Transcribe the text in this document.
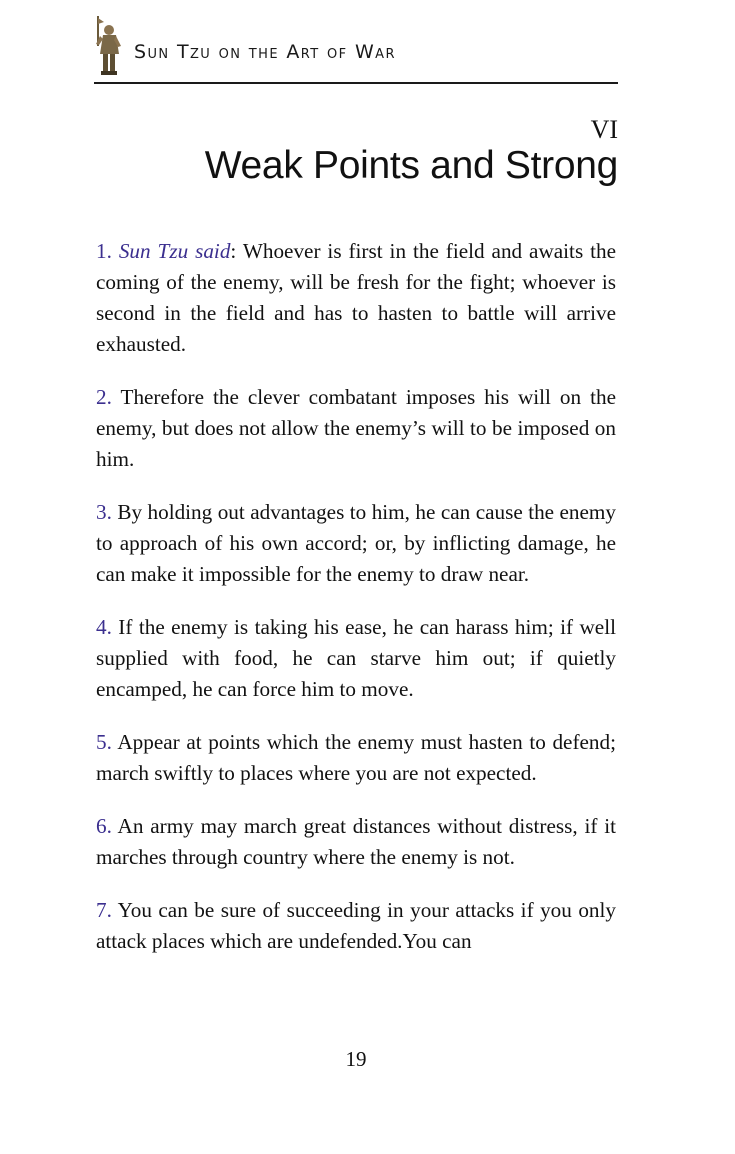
Sun Tzu on the Art of War
VI
Weak Points and Strong

1. Sun Tzu said: Whoever is first in the field and awaits the coming of the enemy, will be fresh for the fight; whoever is second in the field and has to hasten to battle will arrive exhausted.

2. Therefore the clever combatant imposes his will on the enemy, but does not allow the enemy’s will to be imposed on him.

3. By holding out advantages to him, he can cause the enemy to approach of his own accord; or, by inflicting damage, he can make it impossible for the enemy to draw near.

4. If the enemy is taking his ease, he can harass him; if well supplied with food, he can starve him out; if quietly encamped, he can force him to move.

5. Appear at points which the enemy must hasten to defend; march swiftly to places where you are not expected.

6. An army may march great distances without distress, if it marches through country where the enemy is not.

7. You can be sure of succeeding in your attacks if you only attack places which are undefended.You can

19
